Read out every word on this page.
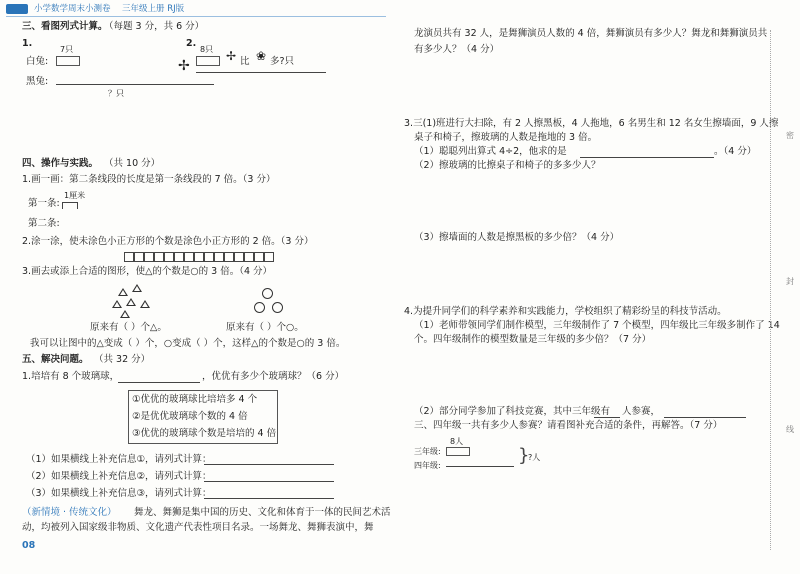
小学数学周末小测卷 三年级上册 RJ版
三、看图列式计算。
（每题 3 分，共 6 分）
1.
7只
白兔:
黑兔:
？只
2.
8只
✢
✢ 比 ❀ 多?只
四、操作与实践。 （共 10 分）
1.画一画：第二条线段的长度是第一条线段的 7 倍。（3 分）
1厘米
第一条:
第二条:
2.涂一涂，使未涂色小正方形的个数是涂色小正方形的 2 倍。（3 分）
3.画去或添上合适的图形，使△的个数是○的 3 倍。（4 分）
原来有（ ）个△。	原来有（ ）个○。
我可以让图中的△变成（ ）个，○变成（ ）个，这样△的个数是○的 3 倍。
五、解决问题。 （共 32 分）
1.培培有 8 个玻璃球，	，优优有多少个玻璃球？（6 分）
①优优的玻璃球比培培多 4 个
②是优优玻璃球个数的 4 倍
③优优的玻璃球个数是培培的 4 倍
（1）如果横线上补充信息①，请列式计算：
（2）如果横线上补充信息②，请列式计算：
（3）如果横线上补充信息③，请列式计算：
（新情境 · 传统文化） 舞龙、舞狮是集中国的历史、文化和体育于一体的民间艺术活
动，均被列入国家级非物质、文化遗产代表性项目名录。一场舞龙、舞狮表演中，舞
08
龙演员共有 32 人，是舞狮演员人数的 4 倍，舞狮演员有多少人？舞龙和舞狮演员共
有多少人？（4 分）
3.三(1)班进行大扫除，有 2 人擦黑板，4 人拖地，6 名男生和 12 名女生擦墙面，9 人擦
桌子和椅子，擦玻璃的人数是拖地的 3 倍。
（1）聪聪列出算式 4÷2，他求的是	。（4 分）
（2）擦玻璃的比擦桌子和椅子的多多少人？
（3）擦墙面的人数是擦黑板的多少倍？（4 分）
4.为提升同学们的科学素养和实践能力，学校组织了精彩纷呈的科技节活动。
（1）老师带领同学们制作模型，三年级制作了 7 个模型，四年级比三年级多制作了 14
个。四年级制作的模型数量是三年级的多少倍？（7 分）
（2）部分同学参加了科技竞赛，其中三年级有 人参赛，
三、四年级一共有多少人参赛？请看图补充合适的条件，再解答。（7 分）
8人
三年级:
四年级:	}
?人
密
封
线
